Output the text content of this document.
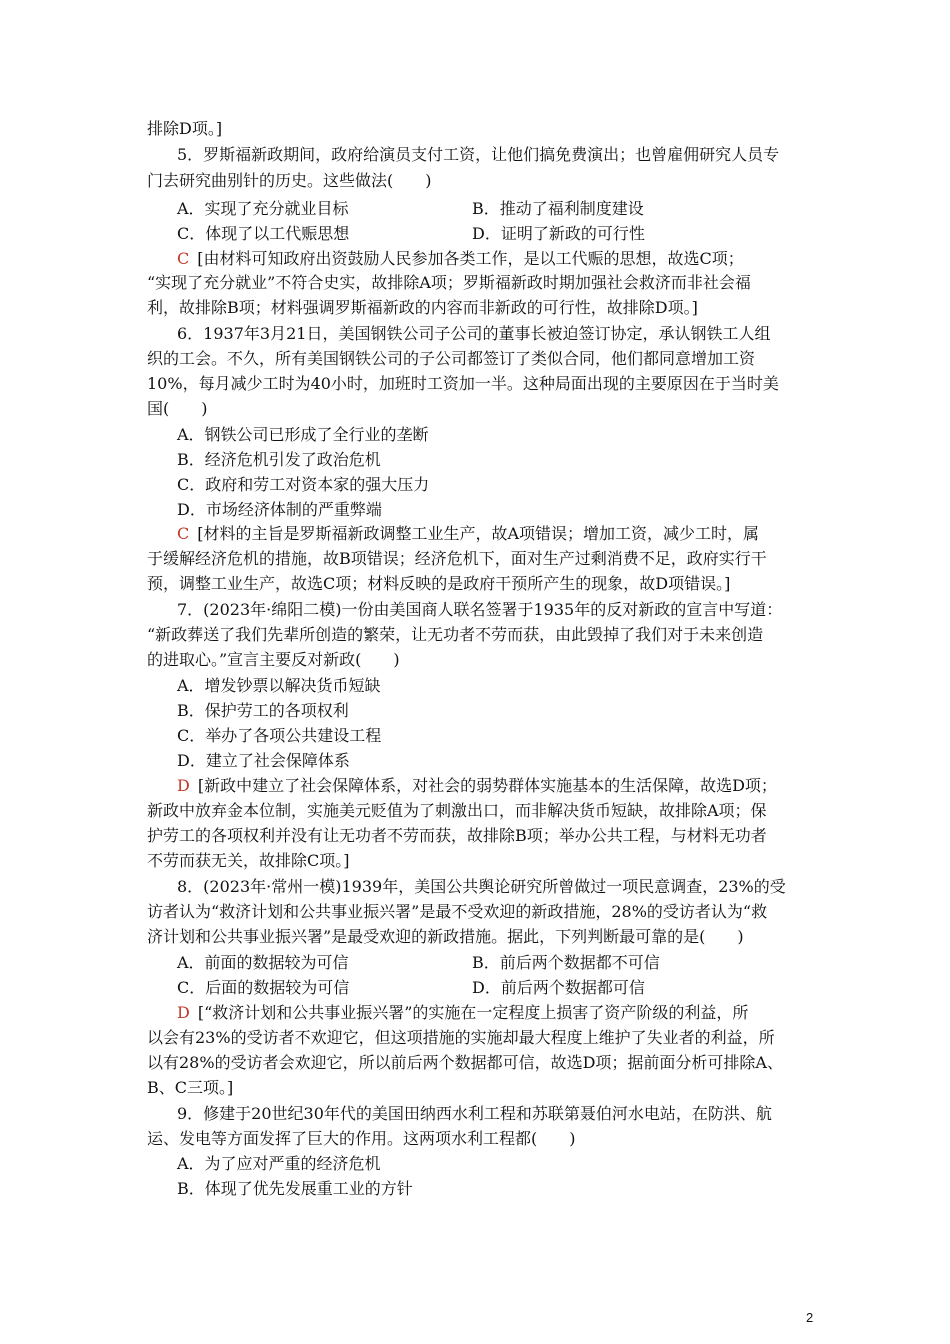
排除D项。]
5．罗斯福新政期间，政府给演员支付工资，让他们搞免费演出；也曾雇佣研究人员专
门去研究曲别针的历史。这些做法(　　)
A．实现了充分就业目标	B．推动了福利制度建设
C．体现了以工代赈思想	D．证明了新政的可行性
C [由材料可知政府出资鼓励人民参加各类工作，是以工代赈的思想，故选C项；
“实现了充分就业”不符合史实，故排除A项；罗斯福新政时期加强社会救济而非社会福
利，故排除B项；材料强调罗斯福新政的内容而非新政的可行性，故排除D项。]
6．1937年3月21日，美国钢铁公司子公司的董事长被迫签订协定，承认钢铁工人组
织的工会。不久，所有美国钢铁公司的子公司都签订了类似合同，他们都同意增加工资
10%，每月减少工时为40小时，加班时工资加一半。这种局面出现的主要原因在于当时美
国(　　)
A．钢铁公司已形成了全行业的垄断
B．经济危机引发了政治危机
C．政府和劳工对资本家的强大压力
D．市场经济体制的严重弊端
C [材料的主旨是罗斯福新政调整工业生产，故A项错误；增加工资，减少工时，属
于缓解经济危机的措施，故B项错误；经济危机下，面对生产过剩消费不足，政府实行干
预，调整工业生产，故选C项；材料反映的是政府干预所产生的现象，故D项错误。]
7．(2023年·绵阳二模)一份由美国商人联名签署于1935年的反对新政的宣言中写道：
“新政葬送了我们先辈所创造的繁荣，让无功者不劳而获，由此毁掉了我们对于未来创造
的进取心。”宣言主要反对新政(　　)
A．增发钞票以解决货币短缺
B．保护劳工的各项权利
C．举办了各项公共建设工程
D．建立了社会保障体系
D [新政中建立了社会保障体系，对社会的弱势群体实施基本的生活保障，故选D项；
新政中放弃金本位制，实施美元贬值为了刺激出口，而非解决货币短缺，故排除A项；保
护劳工的各项权利并没有让无功者不劳而获，故排除B项；举办公共工程，与材料无功者
不劳而获无关，故排除C项。]
8．(2023年·常州一模)1939年，美国公共舆论研究所曾做过一项民意调查，23%的受
访者认为“救济计划和公共事业振兴署”是最不受欢迎的新政措施，28%的受访者认为“救
济计划和公共事业振兴署”是最受欢迎的新政措施。据此，下列判断最可靠的是(　　)
A．前面的数据较为可信	B．前后两个数据都不可信
C．后面的数据较为可信	D．前后两个数据都可信
D [“救济计划和公共事业振兴署”的实施在一定程度上损害了资产阶级的利益，所
以会有23%的受访者不欢迎它，但这项措施的实施却最大程度上维护了失业者的利益，所
以有28%的受访者会欢迎它，所以前后两个数据都可信，故选D项；据前面分析可排除A、
B、C三项。]
9．修建于20世纪30年代的美国田纳西水利工程和苏联第聂伯河水电站，在防洪、航
运、发电等方面发挥了巨大的作用。这两项水利工程都(　　)
A．为了应对严重的经济危机
B．体现了优先发展重工业的方针
2
